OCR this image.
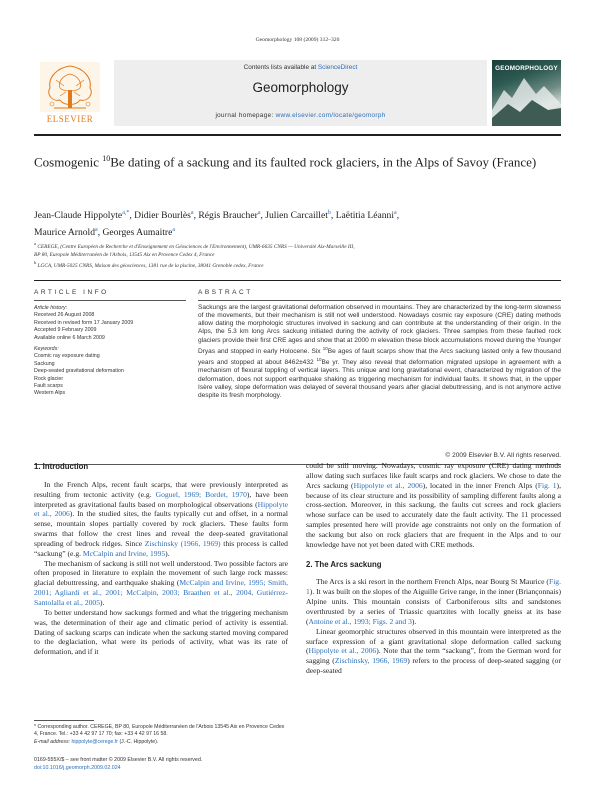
Geomorphology 108 (2009) 312–320
ELSEVIER
Contents lists available at ScienceDirect
Geomorphology
journal homepage: www.elsevier.com/locate/geomorph
GEOMORPHOLOGY
Cosmogenic $^{10}$Be dating of a sackung and its faulted rock glaciers, in the Alps of Savoy (France)
Jean-Claude Hippolyte$^{a,*}$, Didier Bourlès$^a$, Régis Braucher$^a$, Julien Carcaillet$^b$, Laëtitia Léanni$^a$,
Maurice Arnold$^a$, Georges Aumaitre$^a$
$^a$ CEREGE, (Centre Européen de Recherche et d'Enseignement en Géosciences de l'Environnement), UMR-6635 CNRS — Université Aix-Marseille III,
BP 80, Europole Méditerranéen de l'Arbois, 13545 Aix en Provence Cedex 4, France
$^b$ LGCA, UMR-5025 CNRS, Maison des géosciences, 1381 rue de la piscine, 38041 Grenoble cedex, France
ARTICLE INFO	ABSTRACT
Article history:
Received 26 August 2008
Received in revised form 17 January 2009
Accepted 9 February 2009
Available online 6 March 2009
Keywords:
Cosmic ray exposure dating
Sackung
Deep-seated gravitational deformation
Rock glacier
Fault scarps
Western Alps
Sackungs are the largest gravitational deformation observed in mountains. They are characterized by the long-term slowness of the movements, but their mechanism is still not well understood. Nowadays cosmic ray exposure (CRE) dating methods allow dating the morphologic structures involved in sackung and can contribute at the understanding of their origin. In the Alps, the 5.3 km long Arcs sackung initiated during the activity of rock glaciers. Three samples from these faulted rock glaciers provide their first CRE ages and show that at 2000 m elevation these block accumulations moved during the Younger Dryas and stopped in early Holocene. Six $^{10}$Be ages of fault scarps show that the Arcs sackung lasted only a few thousand years and stopped at about 8462±432 $^{10}$Be yr. They also reveal that deformation migrated upslope in agreement with a mechanism of flexural toppling of vertical layers. This unique and long gravitational event, characterized by migration of the deformation, does not support earthquake shaking as triggering mechanism for individual faults. It shows that, in the upper Isère valley, slope deformation was delayed of several thousand years after glacial debuttressing, and is not anymore active despite its fresh morphology.
© 2009 Elsevier B.V. All rights reserved.
1. Introduction

In the French Alps, recent fault scarps, that were previously interpreted as resulting from tectonic activity (e.g. Goguel, 1969; Bordet, 1970), have been interpreted as gravitational faults based on morphological observations (Hippolyte et al., 2006). In the studied sites, the faults typically cut and offset, in a normal sense, mountain slopes partially covered by rock glaciers. These faults form swarms that follow the crest lines and reveal the deep-seated gravitational spreading of bedrock ridges. Since Zischinsky (1966, 1969) this process is called “sackung” (e.g. McCalpin and Irvine, 1995).

The mechanism of sackung is still not well understood. Two possible factors are often proposed in literature to explain the movement of such large rock masses: glacial debuttressing, and earthquake shaking (McCalpin and Irvine, 1995; Smith, 2001; Agliardi et al., 2001; McCalpin, 2003; Braathen et al., 2004, Gutiérrez-Santolalla et al., 2005).

To better understand how sackungs formed and what the triggering mechanism was, the determination of their age and climatic period of activity is essential. Dating of sackung scarps can indicate when the sackung started moving compared to the deglaciation, what were its periods of activity, what was its rate of deformation, and if it

could be still moving. Nowadays, cosmic ray exposure (CRE) dating methods allow dating such surfaces like fault scarps and rock glaciers. We chose to date the Arcs sackung (Hippolyte et al., 2006), located in the inner French Alps (Fig. 1), because of its clear structure and its possibility of sampling different faults along a cross-section. Moreover, in this sackung, the faults cut screes and rock glaciers whose surface can be used to accurately date the fault activity. The 11 processed samples presented here will provide age constraints not only on the formation of the sackung but also on rock glaciers that are frequent in the Alps and to our knowledge have not yet been dated with CRE methods.

2. The Arcs sackung

The Arcs is a ski resort in the northern French Alps, near Bourg St Maurice (Fig. 1). It was built on the slopes of the Aiguille Grive range, in the inner (Briançonnais) Alpine units. This mountain consists of Carboniferous silts and sandstones overthrusted by a series of Triassic quartzites with locally gneiss at its base (Antoine et al., 1993; Figs. 2 and 3).

Linear geomorphic structures observed in this mountain were interpreted as the surface expression of a giant gravitational slope deformation called sackung (Hippolyte et al., 2006). Note that the term “sackung”, from the German word for sagging (Zischinsky, 1966, 1969) refers to the process of deep-seated sagging (or deep-seated

* Corresponding author. CEREGE, BP 80, Europole Méditerranéen de l'Arbois 13545 Aix en Provence Cedex 4, France. Tel.: +33 4 42 97 17 70; fax: +33 4 42 97 16 58.
E-mail address: hippolyte@cerege.fr (J.-C. Hippolyte).
0169-555X/$ – see front matter © 2009 Elsevier B.V. All rights reserved.
doi:10.1016/j.geomorph.2009.02.024
